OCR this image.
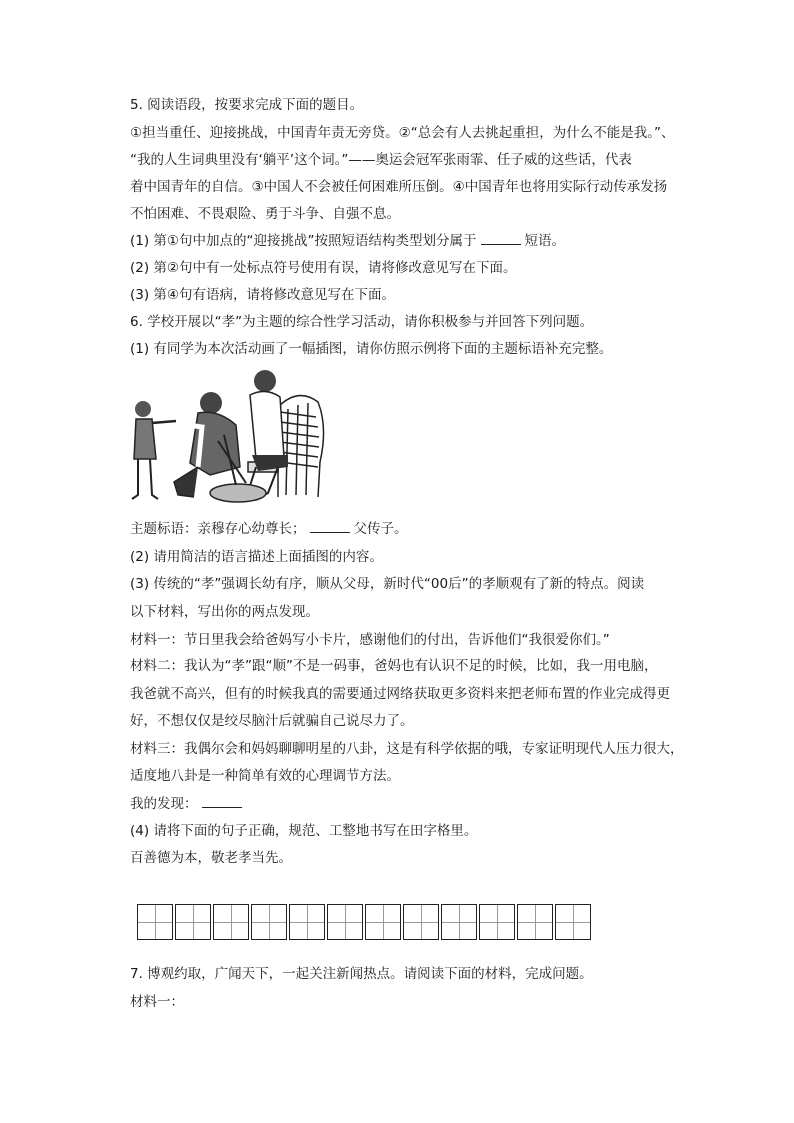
5. 阅读语段，按要求完成下面的题目。
①担当重任、迎接挑战，中国青年责无旁贷。②“总会有人去挑起重担，为什么不能是我。”、
“我的人生词典里没有‘躺平’这个词。”——奥运会冠军张雨霏、任子威的这些话，代表
着中国青年的自信。③中国人不会被任何困难所压倒。④中国青年也将用实际行动传承发扬
不怕困难、不畏艰险、勇于斗争、自强不息。
(1) 第①句中加点的“迎接挑战”按照短语结构类型划分属于	短语。
(2) 第②句中有一处标点符号使用有误，请将修改意见写在下面。
(3) 第④句有语病，请将修改意见写在下面。
6. 学校开展以“孝”为主题的综合性学习活动，请你积极参与并回答下列问题。
(1) 有同学为本次活动画了一幅插图，请你仿照示例将下面的主题标语补充完整。
主题标语：亲穆存心幼尊长；	父传子。
(2) 请用简洁的语言描述上面插图的内容。
(3) 传统的“孝”强调长幼有序，顺从父母，新时代“00后”的孝顺观有了新的特点。阅读
以下材料，写出你的两点发现。
材料一：节日里我会给爸妈写小卡片，感谢他们的付出，告诉他们“我很爱你们。”
材料二：我认为“孝”跟“顺”不是一码事，爸妈也有认识不足的时候，比如，我一用电脑，
我爸就不高兴，但有的时候我真的需要通过网络获取更多资料来把老师布置的作业完成得更
好，不想仅仅是绞尽脑汁后就骗自己说尽力了。
材料三：我偶尔会和妈妈聊聊明星的八卦，这是有科学依据的哦，专家证明现代人压力很大，
适度地八卦是一种简单有效的心理调节方法。
我的发现：
(4) 请将下面的句子正确，规范、工整地书写在田字格里。
百善德为本，敬老孝当先。
7. 博观约取，广闻天下，一起关注新闻热点。请阅读下面的材料，完成问题。
材料一：
